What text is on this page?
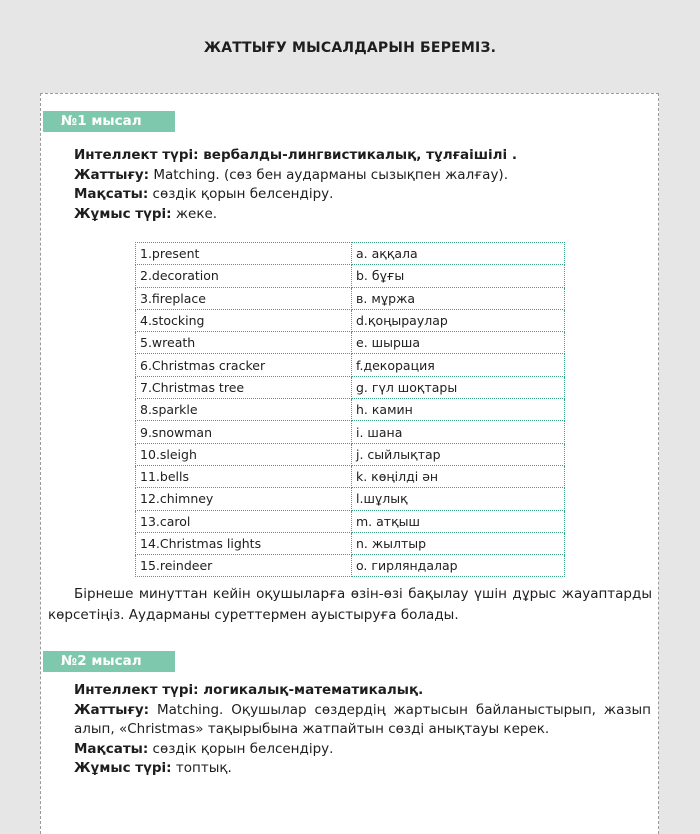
ЖАТТЫҒУ МЫСАЛДАРЫН БЕРЕМІЗ.
№1 мысал
Интеллект түрі: вербалды-лингвистикалық, тұлғаішілі .
Жаттығу: Matching. (сөз бен аударманы сызықпен жалғау).
Мақсаты: сөздік қорын белсендіру.
Жұмыс түрі: жеке.
1.present	a. аққала
2.decoration	b. бұғы
3.fireplace	в. мұржа
4.stocking	d.қоңыраулар
5.wreath	е. шырша
6.Christmas cracker	f.декорация
7.Christmas tree	g. гүл шоқтары
8.sparkle	h. камин
9.snowman	i. шана
10.sleigh	j. сыйлықтар
11.bells	k. көңілді ән
12.chimney	l.шұлық
13.carol	m. атқыш
14.Christmas lights	n. жылтыр
15.reindeer	o. гирляндалар
Бірнеше минуттан кейін оқушыларға өзін-өзі бақылау үшін дұрыс жауаптарды көрсетіңіз. Аударманы суреттермен ауыстыруға болады.
№2 мысал
Интеллект түрі: логикалық-математикалық.
Жаттығу: Matching. Оқушылар сөздердің жартысын байланыстырып, жазып алып, «Christmas» тақырыбына жатпайтын сөзді анықтауы керек.
Мақсаты: сөздік қорын белсендіру.
Жұмыс түрі: топтық.
